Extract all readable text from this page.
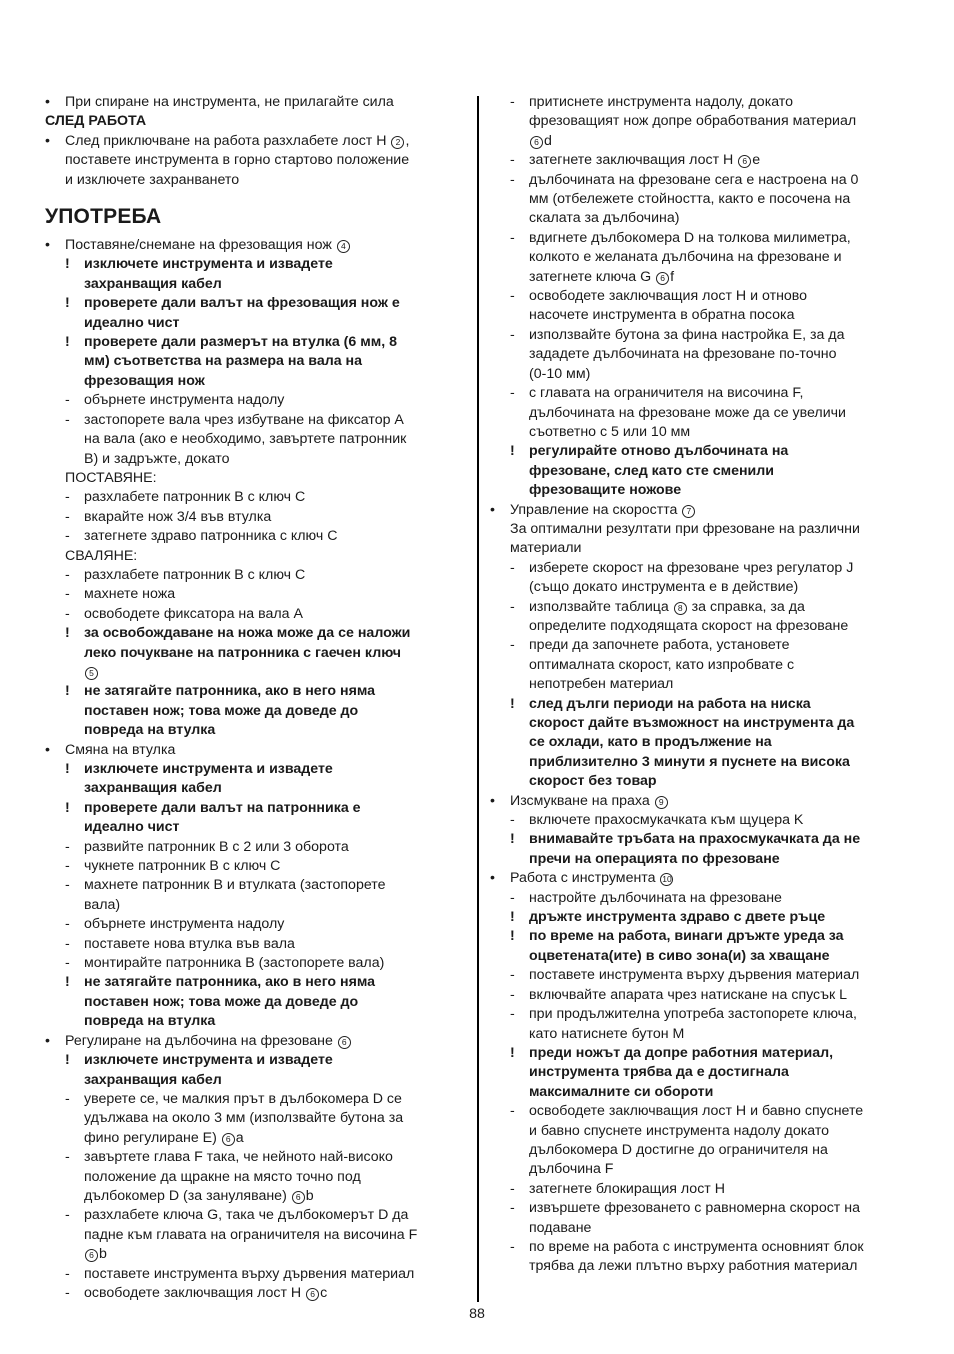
• При спиране на инструмента, не прилагайте сила
СЛЕД РАБОТА
• След приключване на работа разхлабете лост H 2 ,
поставете инструмента в горно стартово положение
и изключете захранването
УПОТРЕБА
• Поставяне/снемане на фрезоващия нож 4
! изключете инструмента и извадете
захранващия кабел
! проверете дали валът на фрезоващия нож е
идеално чист
! проверете дали размерът на втулка (6 мм, 8
мм) съответства на размера на вала на
фрезоващия нож
- обърнете инструмента надолу
- застопорете вала чрез избутване на фиксатор А
на вала (ако е необходимо, завъртете патронник
B) и задръжте, докато
ПОСТАВЯНЕ:
- разхлабете патронник B с ключ C
- вкарайте нож 3/4 във втулка
- затегнете здраво патронника с ключ C
СВАЛЯНЕ:
- разхлабете патронник B с ключ C
- махнете ножа
- освободете фиксатора на вала A
! за освобождаване на ножа може да се наложи
леко почукване на патронника с гаечен ключ
5
! не затягайте патронника, ако в него няма
поставен нож; това може да доведе до
повреда на втулка
• Смяна на втулка
! изключете инструмента и извадете
захранващия кабел
! проверете дали валът на патронника е
идеално чист
- развийте патронник B с 2 или 3 оборота
- чукнете патронник B с ключ C
- махнете патронник B и втулката (застопорете
вала)
- обърнете инструмента надолу
- поставете нова втулка във вала
- монтирайте патронника B (застопорете вала)
! не затягайте патронника, ако в него няма
поставен нож; това може да доведе до
повреда на втулка
• Регулиране на дълбочина на фрезоване 6
! изключете инструмента и извадете
захранващия кабел
- уверете се, че малкия прът в дълбокомера D се
удължава на около 3 мм (използвайте бутона за
фино регулиране E) 6 a
- завъртете глава F така, че нейното най-високо
положение да щракне на място точно под
дълбокомер D (за зануляване) 6 b
- разхлабете ключа G, така че дълбокомерът D да
падне към главата на ограничителя на височина F
6 b
- поставете инструмента върху дървения материал
- освободете заключващия лост H 6 c
- притиснете инструмента надолу, докато
фрезоващият нож допре обработвания материал
6 d
- затегнете заключващия лост H 6 e
- дълбочината на фрезоване сега е настроена на 0
мм (отбележете стойността, както е посочена на
скалата за дълбочина)
- вдигнете дълбокомера D на толкова милиметра,
колкото е желаната дълбочина на фрезоване и
затегнете ключа G 6 f
- освободете заключващия лост H и отново
насочете инструмента в обратна посока
- използвайте бутона за фина настройка E, за да
зададете дълбочината на фрезоване по-точно
(0-10 мм)
- с главата на ограничителя на височина F,
дълбочината на фрезоване може да се увеличи
съответно с 5 или 10 мм
! регулирайте отново дълбочината на
фрезоване, след като сте сменили
фрезоващите ножове
• Управление на скоростта 7
За оптимални резултати при фрезоване на различни
материали
- изберете скорост на фрезоване чрез регулатор J
(също докато инструмента е в действие)
- използвайте таблица 8 за справка, за да
определите подходящата скорост на фрезоване
- преди да започнете работа, установете
оптималната скорост, като изпробвате с
непотребен материал
! след дълги периоди на работа на ниска
скорост дайте възможност на инструмента да
се охлади, като в продължение на
приблизително 3 минути я пуснете на висока
скорост без товар
• Изсмукване на праха 9
- включете прахосмукачката към щуцера K
! внимавайте тръбата на прахосмукачката да не
пречи на операцията по фрезоване
• Работа с инструмента 10
- настройте дълбочината на фрезоване
! дръжте инструмента здраво с двете ръце
! по време на работа, винаги дръжте уреда за
оцветената(ите) в сиво зона(и) за хващане
- поставете инструмента върху дървения материал
- включвайте апарата чрез натискане на спусък L
- при продължителна употреба застопорете ключа,
като натиснете бутон M
! преди ножът да допре работния материал,
инструмента трябва да е достигнала
максималните си обороти
- освободете заключващия лост H и бавно спуснете
и бавно спуснете инструмента надолу докато
дълбокомера D достигне до ограничителя на
дълбочина F
- затегнете блокиращия лост H
- извършете фрезоването с равномерна скорост на
подаване
- по време на работа с инструмента основният блок
трябва да лежи плътно върху работния материал
88
